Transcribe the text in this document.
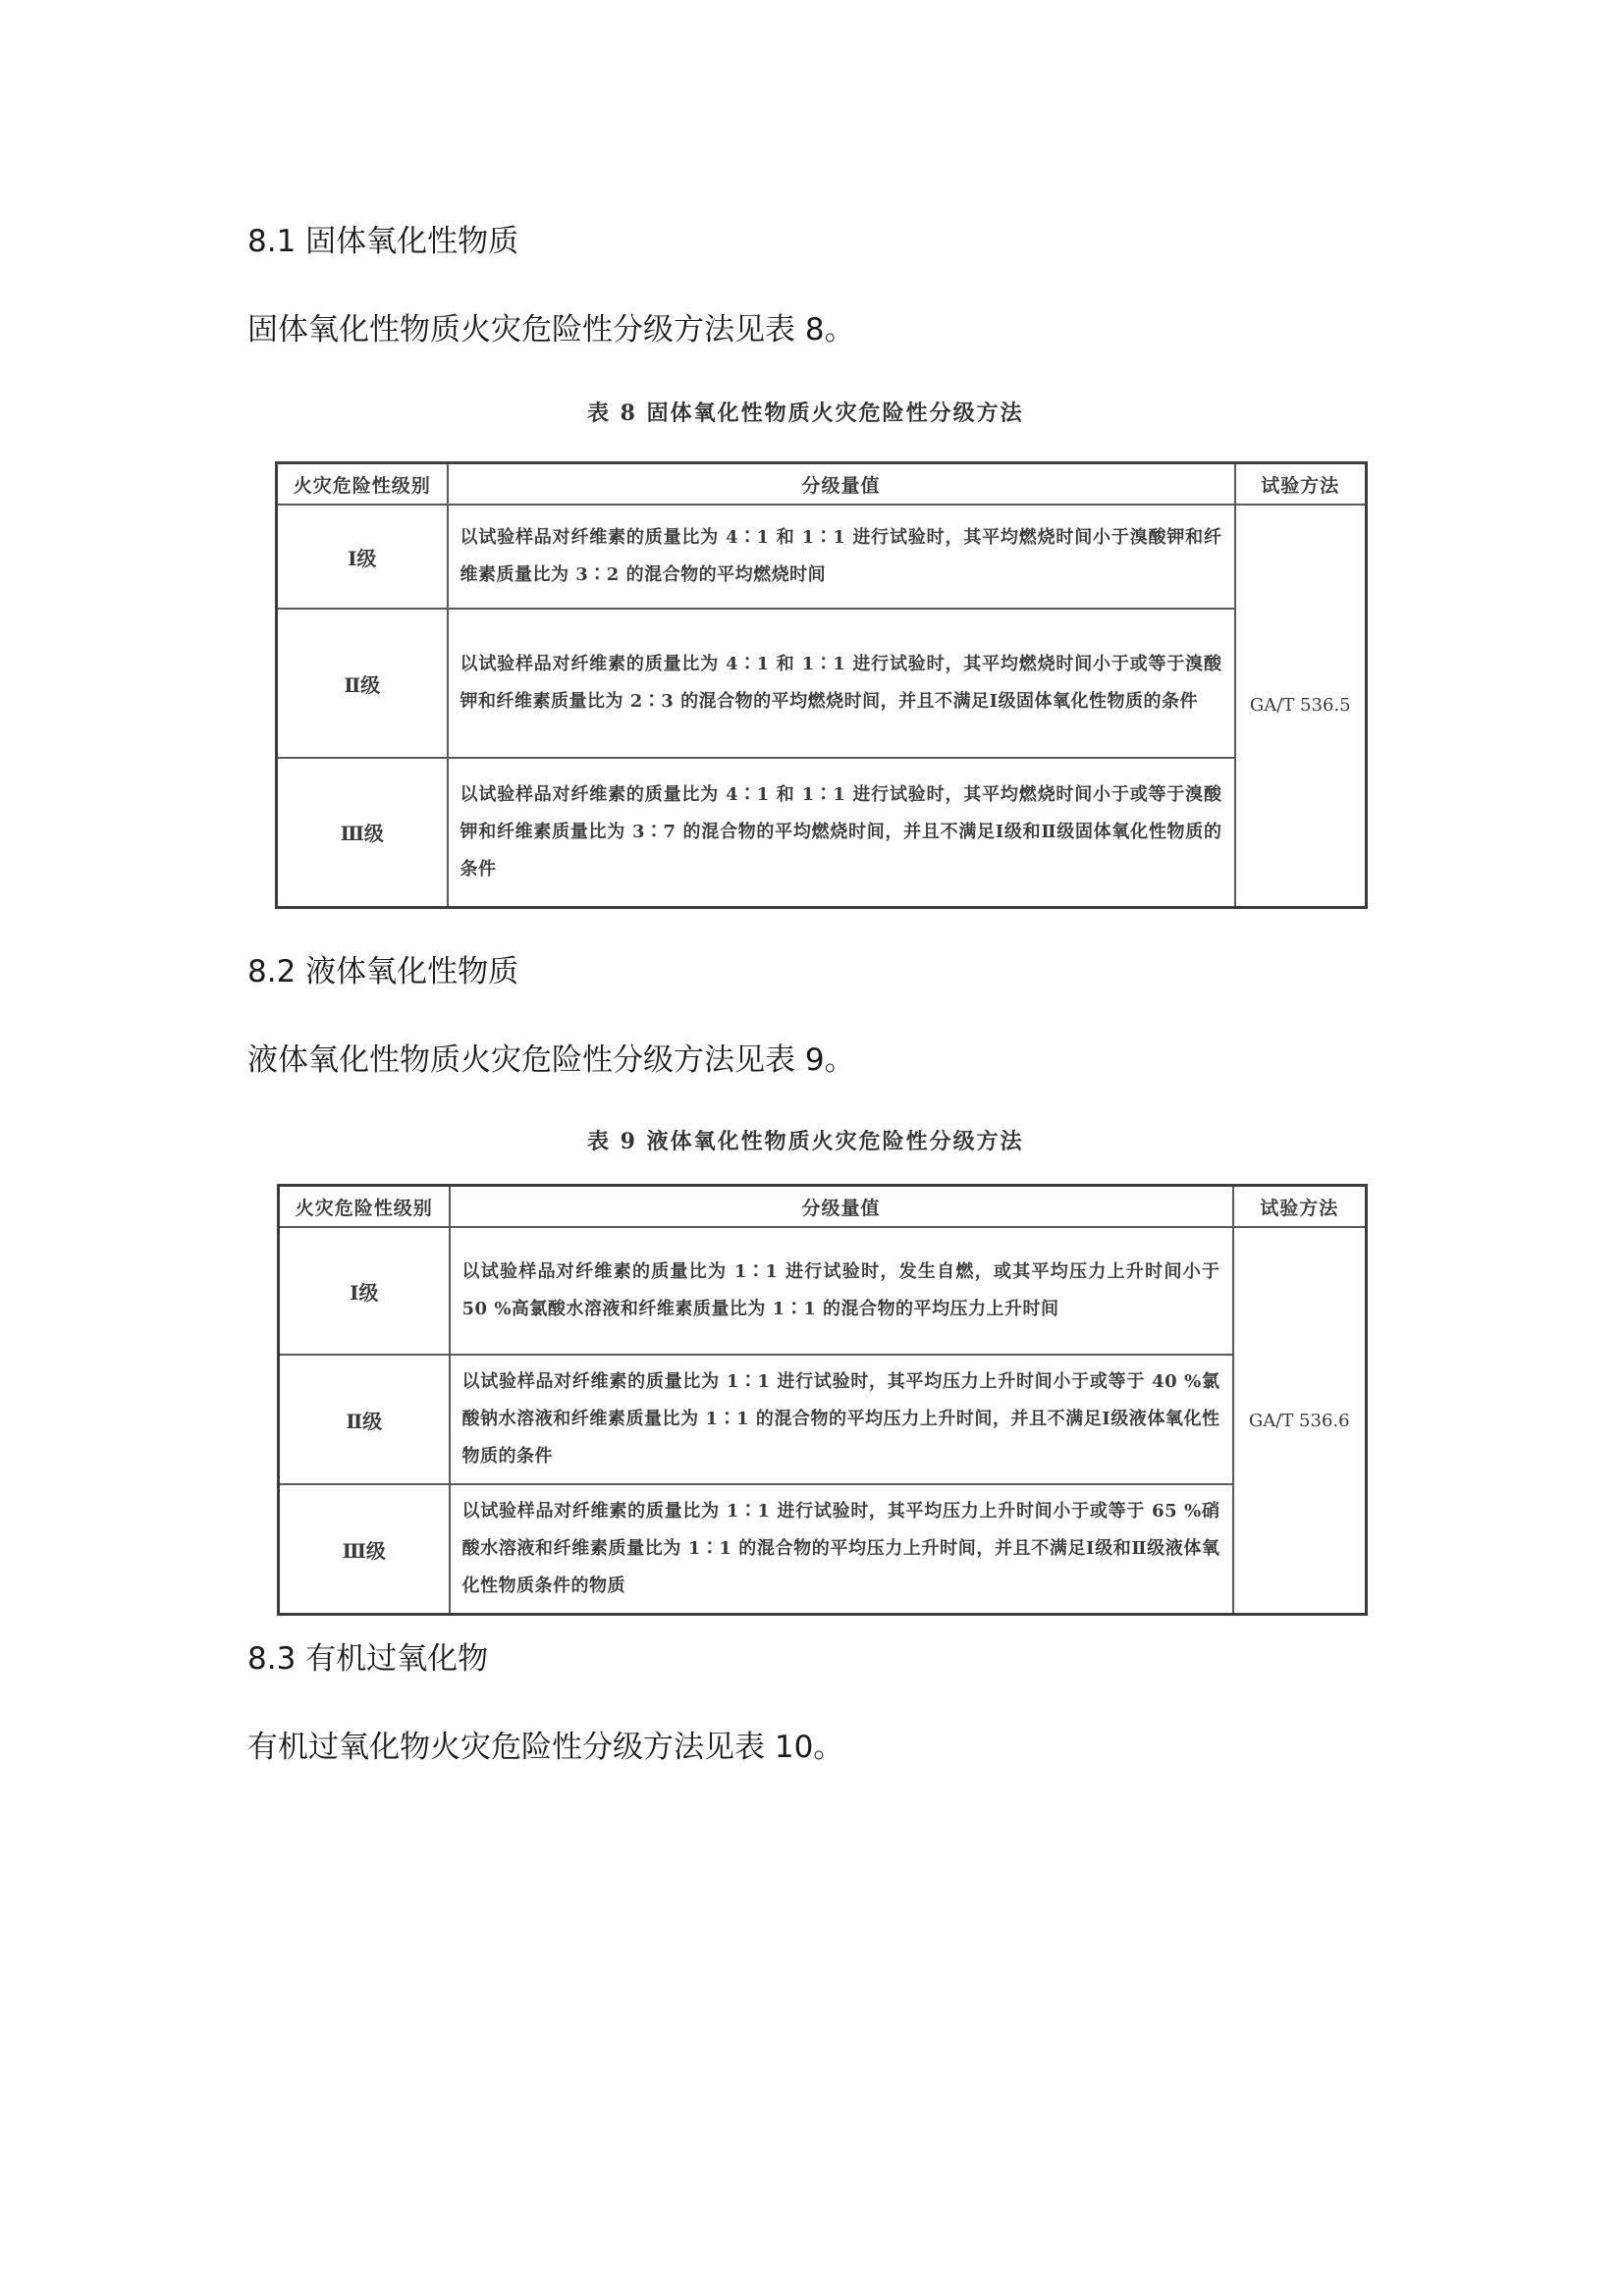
8.1 固体氧化性物质
固体氧化性物质火灾危险性分级方法见表 8。
表 8 固体氧化性物质火灾危险性分级方法
火灾危险性级别	分级量值	试验方法
Ⅰ级	以试验样品对纤维素的质量比为 4∶1 和 1∶1 进行试验时，其平均燃烧时间小于溴酸钾和纤维素质量比为 3∶2 的混合物的平均燃烧时间	GA/T 536.5
Ⅱ级	以试验样品对纤维素的质量比为 4∶1 和 1∶1 进行试验时，其平均燃烧时间小于或等于溴酸钾和纤维素质量比为 2∶3 的混合物的平均燃烧时间，并且不满足Ⅰ级固体氧化性物质的条件	
Ⅲ级	以试验样品对纤维素的质量比为 4∶1 和 1∶1 进行试验时，其平均燃烧时间小于或等于溴酸钾和纤维素质量比为 3∶7 的混合物的平均燃烧时间，并且不满足Ⅰ级和Ⅱ级固体氧化性物质的条件	
8.2 液体氧化性物质
液体氧化性物质火灾危险性分级方法见表 9。
表 9 液体氧化性物质火灾危险性分级方法
火灾危险性级别	分级量值	试验方法
Ⅰ级	以试验样品对纤维素的质量比为 1∶1 进行试验时，发生自燃，或其平均压力上升时间小于 50 %高氯酸水溶液和纤维素质量比为 1∶1 的混合物的平均压力上升时间	GA/T 536.6
Ⅱ级	以试验样品对纤维素的质量比为 1∶1 进行试验时，其平均压力上升时间小于或等于 40 %氯酸钠水溶液和纤维素质量比为 1∶1 的混合物的平均压力上升时间，并且不满足Ⅰ级液体氧化性物质的条件	
Ⅲ级	以试验样品对纤维素的质量比为 1∶1 进行试验时，其平均压力上升时间小于或等于 65 %硝酸水溶液和纤维素质量比为 1∶1 的混合物的平均压力上升时间，并且不满足Ⅰ级和Ⅱ级液体氧化性物质条件的物质	
8.3 有机过氧化物
有机过氧化物火灾危险性分级方法见表 10。
